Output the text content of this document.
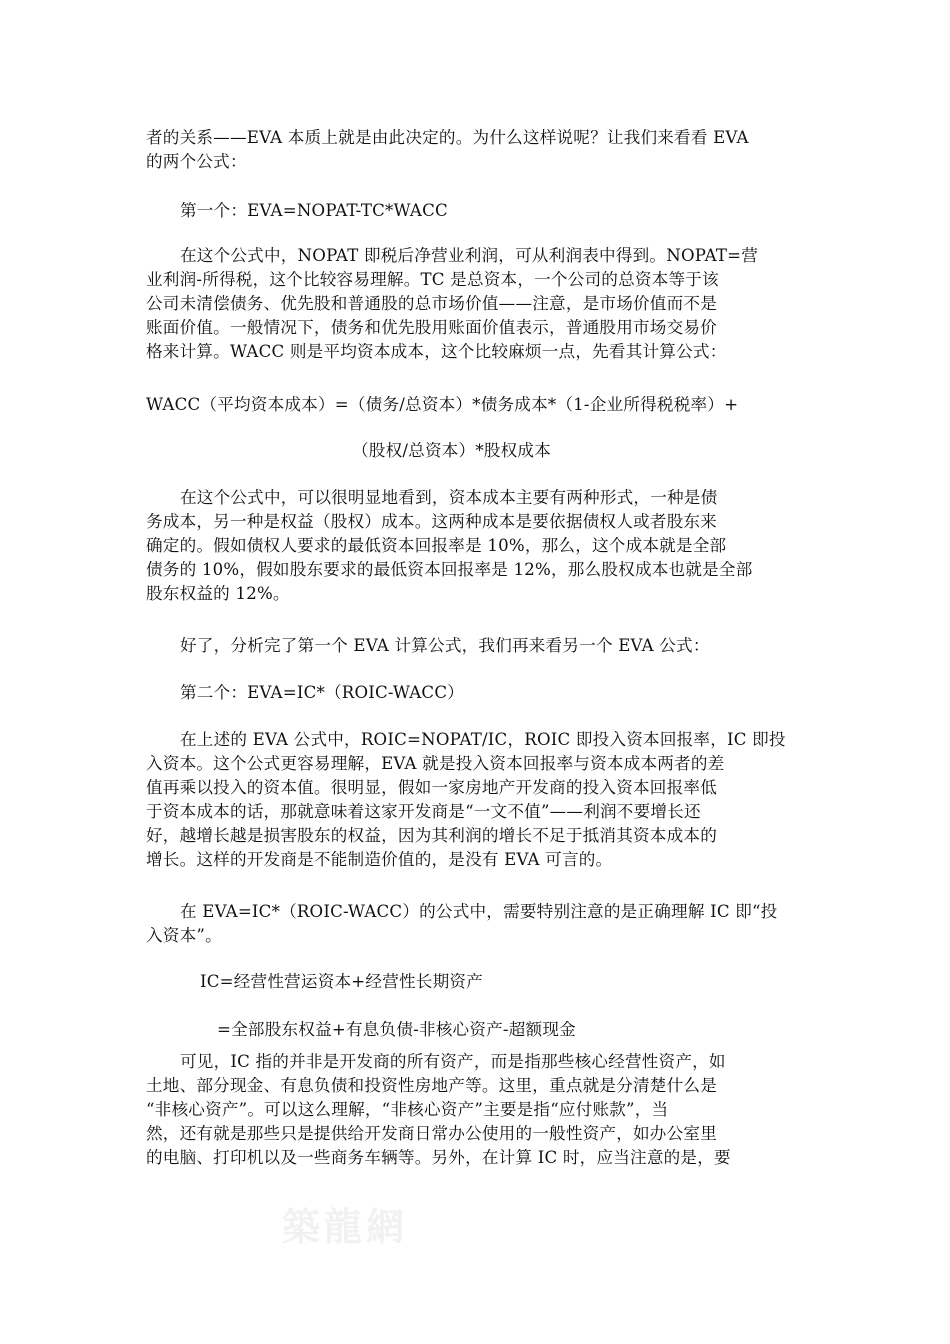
者的关系——EVA 本质上就是由此决定的。为什么这样说呢？让我们来看看 EVA
的两个公式：

第一个：EVA=NOPAT-TC*WACC

在这个公式中，NOPAT 即税后净营业利润，可从利润表中得到。NOPAT=营
业利润-所得税，这个比较容易理解。TC 是总资本，一个公司的总资本等于该
公司未清偿债务、优先股和普通股的总市场价值——注意，是市场价值而不是
账面价值。一般情况下，债务和优先股用账面价值表示，普通股用市场交易价
格来计算。WACC 则是平均资本成本，这个比较麻烦一点，先看其计算公式：

WACC（平均资本成本）=（债务/总资本）*债务成本*（1-企业所得税税率）+

（股权/总资本）*股权成本

在这个公式中，可以很明显地看到，资本成本主要有两种形式，一种是债
务成本，另一种是权益（股权）成本。这两种成本是要依据债权人或者股东来
确定的。假如债权人要求的最低资本回报率是 10%，那么，这个成本就是全部
债务的 10%，假如股东要求的最低资本回报率是 12%，那么股权成本也就是全部
股东权益的 12%。

好了，分析完了第一个 EVA 计算公式，我们再来看另一个 EVA 公式：

第二个：EVA=IC*（ROIC-WACC）

在上述的 EVA 公式中，ROIC=NOPAT/IC，ROIC 即投入资本回报率，IC 即投
入资本。这个公式更容易理解，EVA 就是投入资本回报率与资本成本两者的差
值再乘以投入的资本值。很明显，假如一家房地产开发商的投入资本回报率低
于资本成本的话，那就意味着这家开发商是“一文不值”——利润不要增长还
好，越增长越是损害股东的权益，因为其利润的增长不足于抵消其资本成本的
增长。这样的开发商是不能制造价值的，是没有 EVA 可言的。

在 EVA=IC*（ROIC-WACC）的公式中，需要特别注意的是正确理解 IC 即“投
入资本”。

IC=经营性营运资本+经营性长期资产

=全部股东权益+有息负债-非核心资产-超额现金

可见，IC 指的并非是开发商的所有资产，而是指那些核心经营性资产，如
土地、部分现金、有息负债和投资性房地产等。这里，重点就是分清楚什么是
“非核心资产”。可以这么理解，“非核心资产”主要是指“应付账款”，当
然，还有就是那些只是提供给开发商日常办公使用的一般性资产，如办公室里
的电脑、打印机以及一些商务车辆等。另外，在计算 IC 时，应当注意的是，要

築龍網
